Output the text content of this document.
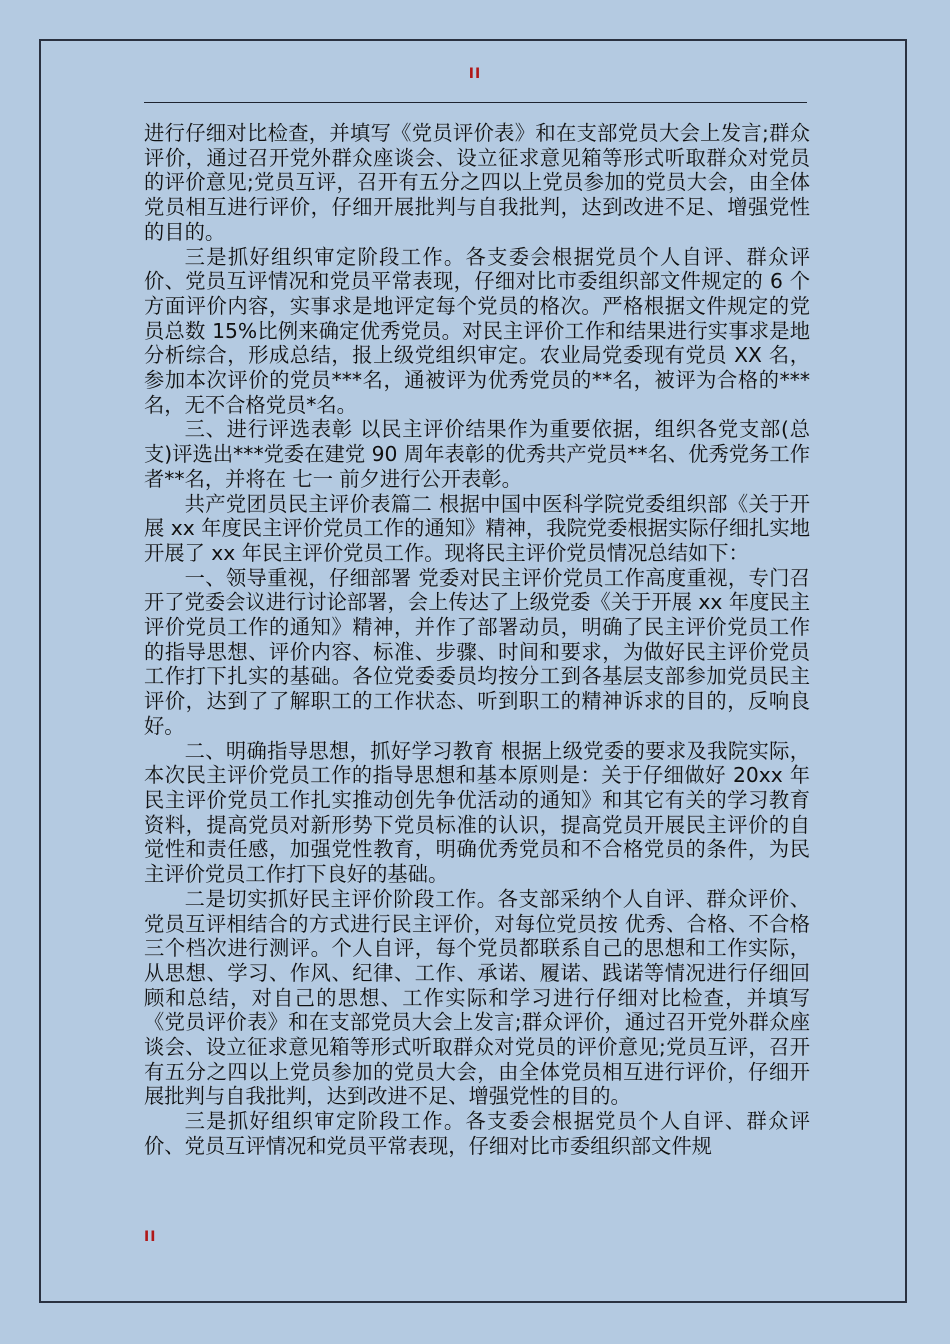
II

进行仔细对比检查，并填写《党员评价表》和在支部党员大会上发言;群众评价，通过召开党外群众座谈会、设立征求意见箱等形式听取群众对党员的评价意见;党员互评，召开有五分之四以上党员参加的党员大会，由全体党员相互进行评价，仔细开展批判与自我批判，达到改进不足、增强党性的目的。

三是抓好组织审定阶段工作。各支委会根据党员个人自评、群众评价、党员互评情况和党员平常表现，仔细对比市委组织部文件规定的 6 个方面评价内容，实事求是地评定每个党员的格次。严格根据文件规定的党员总数 15%比例来确定优秀党员。对民主评价工作和结果进行实事求是地分析综合，形成总结，报上级党组织审定。农业局党委现有党员 XX 名，参加本次评价的党员***名，通被评为优秀党员的**名，被评为合格的***名，无不合格党员*名。

三、进行评选表彰 以民主评价结果作为重要依据，组织各党支部(总支)评选出***党委在建党 90 周年表彰的优秀共产党员**名、优秀党务工作者**名，并将在 七一 前夕进行公开表彰。

共产党团员民主评价表篇二 根据中国中医科学院党委组织部《关于开展 xx 年度民主评价党员工作的通知》精神，我院党委根据实际仔细扎实地开展了 xx 年民主评价党员工作。现将民主评价党员情况总结如下：

一、领导重视，仔细部署 党委对民主评价党员工作高度重视，专门召开了党委会议进行讨论部署，会上传达了上级党委《关于开展 xx 年度民主评价党员工作的通知》精神，并作了部署动员，明确了民主评价党员工作的指导思想、评价内容、标准、步骤、时间和要求，为做好民主评价党员工作打下扎实的基础。各位党委委员均按分工到各基层支部参加党员民主评价，达到了了解职工的工作状态、听到职工的精神诉求的目的，反响良好。

二、明确指导思想，抓好学习教育 根据上级党委的要求及我院实际，本次民主评价党员工作的指导思想和基本原则是：关于仔细做好 20xx 年民主评价党员工作扎实推动创先争优活动的通知》和其它有关的学习教育资料，提高党员对新形势下党员标准的认识，提高党员开展民主评价的自觉性和责任感，加强党性教育，明确优秀党员和不合格党员的条件，为民主评价党员工作打下良好的基础。

二是切实抓好民主评价阶段工作。各支部采纳个人自评、群众评价、党员互评相结合的方式进行民主评价，对每位党员按 优秀、合格、不合格 三个档次进行测评。个人自评，每个党员都联系自己的思想和工作实际，从思想、学习、作风、纪律、工作、承诺、履诺、践诺等情况进行仔细回顾和总结，对自己的思想、工作实际和学习进行仔细对比检查，并填写《党员评价表》和在支部党员大会上发言;群众评价，通过召开党外群众座谈会、设立征求意见箱等形式听取群众对党员的评价意见;党员互评，召开有五分之四以上党员参加的党员大会，由全体党员相互进行评价，仔细开展批判与自我批判，达到改进不足、增强党性的目的。

三是抓好组织审定阶段工作。各支委会根据党员个人自评、群众评价、党员互评情况和党员平常表现，仔细对比市委组织部文件规

II
